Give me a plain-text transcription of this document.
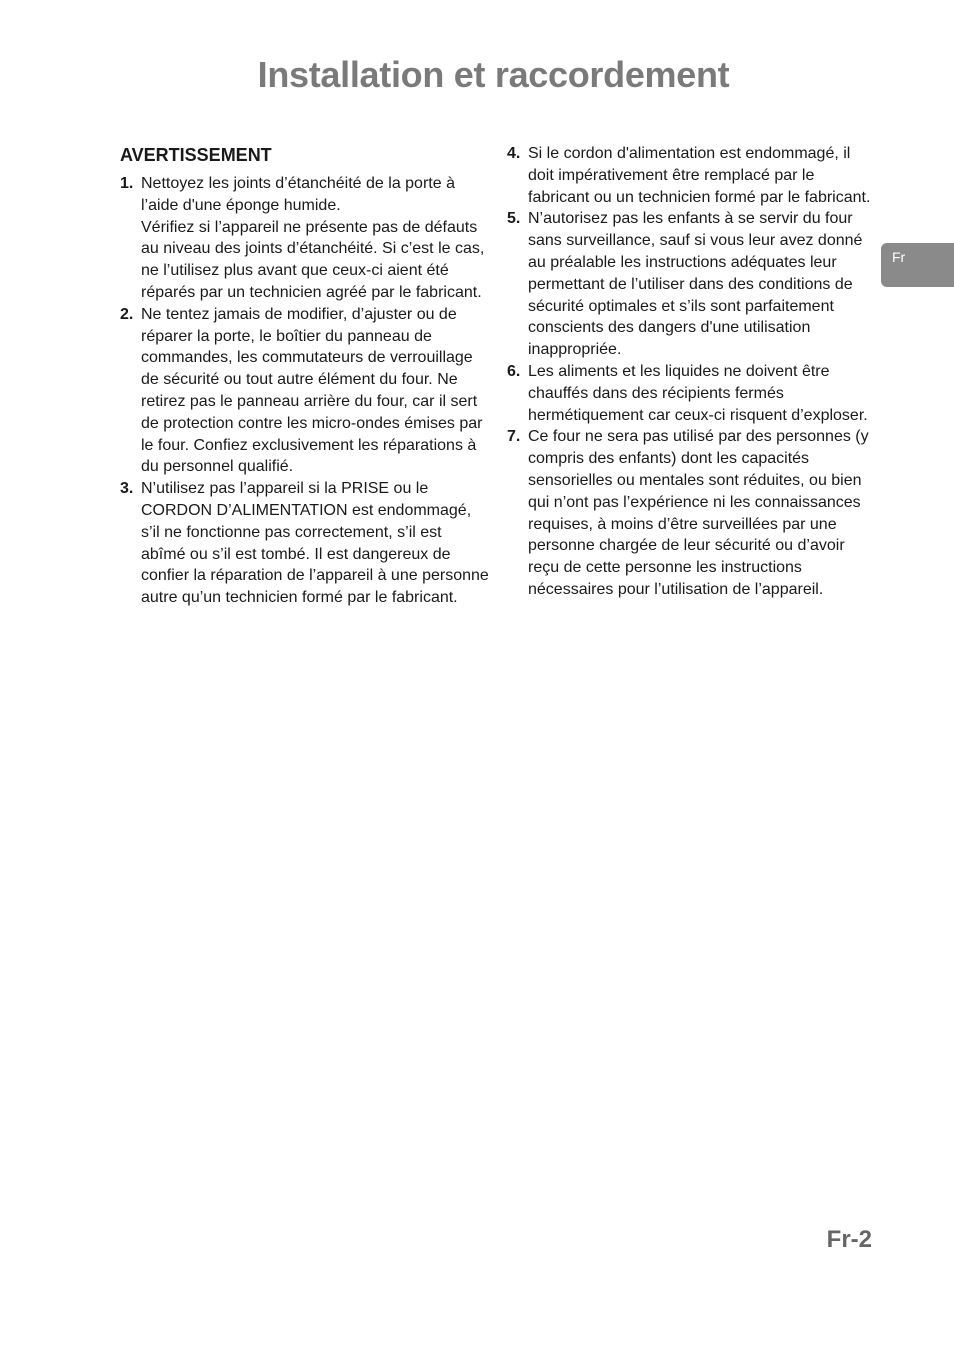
Installation et raccordement
AVERTISSEMENT
1. Nettoyez les joints d’étanchéité de la porte à l’aide d'une éponge humide.
Vérifiez si l’appareil ne présente pas de défauts au niveau des joints d’étanchéité. Si c’est le cas, ne l’utilisez plus avant que ceux-ci aient été réparés par un technicien agréé par le fabricant.
2. Ne tentez jamais de modifier, d’ajuster ou de réparer la porte, le boîtier du panneau de commandes, les commutateurs de verrouillage de sécurité ou tout autre élément du four. Ne retirez pas le panneau arrière du four, car il sert de protection contre les micro-ondes émises par le four. Confiez exclusivement les réparations à du personnel qualifié.
3. N’utilisez pas l’appareil si la PRISE ou le CORDON D’ALIMENTATION est endommagé, s’il ne fonctionne pas correctement, s’il est abîmé ou s’il est tombé. Il est dangereux de confier la réparation de l’appareil à une personne autre qu’un technicien formé par le fabricant.
4. Si le cordon d'alimentation est endommagé, il doit impérativement être remplacé par le fabricant ou un technicien formé par le fabricant.
5. N’autorisez pas les enfants à se servir du four sans surveillance, sauf si vous leur avez donné au préalable les instructions adéquates leur permettant de l’utiliser dans des conditions de sécurité optimales et s’ils sont parfaitement conscients des dangers d'une utilisation inappropriée.
6. Les aliments et les liquides ne doivent être chauffés dans des récipients fermés hermétiquement car ceux-ci risquent d’exploser.
7. Ce four ne sera pas utilisé par des personnes (y compris des enfants) dont les capacités sensorielles ou mentales sont réduites, ou bien qui n’ont pas l’expérience ni les connaissances requises, à moins d’être surveillées par une personne chargée de leur sécurité ou d’avoir reçu de cette personne les instructions nécessaires pour l’utilisation de l’appareil.
Fr
Fr-2
